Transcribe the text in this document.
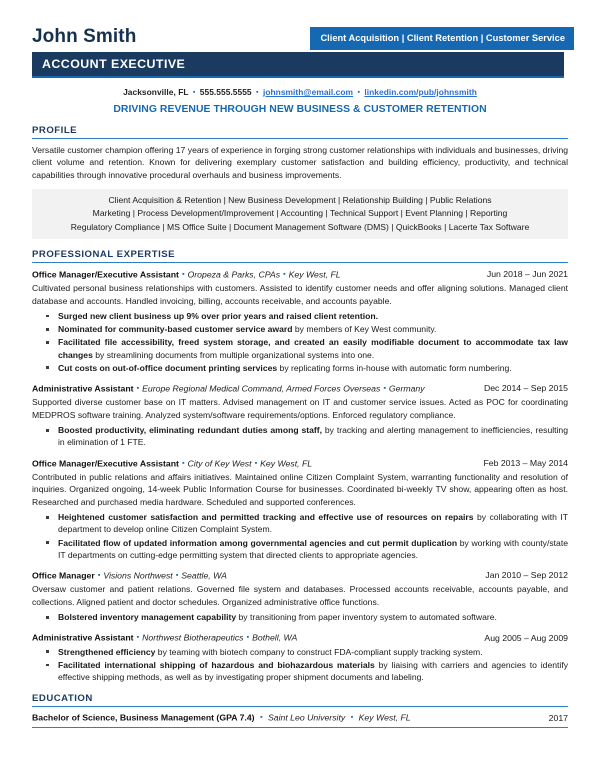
John Smith	Client Acquisition | Client Retention | Customer Service
ACCOUNT EXECUTIVE
Jacksonville, FL ▪ 555.555.5555 ▪ johnsmith@email.com ▪ linkedin.com/pub/johnsmith
DRIVING REVENUE THROUGH NEW BUSINESS & CUSTOMER RETENTION
PROFILE
Versatile customer champion offering 17 years of experience in forging strong customer relationships with individuals and businesses, driving client volume and retention. Known for delivering exemplary customer satisfaction and building efficiency, productivity, and technical capabilities through innovative procedural overhauls and business improvements.
Client Acquisition & Retention | New Business Development | Relationship Building | Public Relations
Marketing | Process Development/Improvement | Accounting | Technical Support | Event Planning | Reporting
Regulatory Compliance | MS Office Suite | Document Management Software (DMS) | QuickBooks | Lacerte Tax Software
PROFESSIONAL EXPERTISE
Office Manager/Executive Assistant ▪ Oropeza & Parks, CPAs ▪ Key West, FL	Jun 2018 – Jun 2021
Cultivated personal business relationships with customers. Assisted to identify customer needs and offer aligning solutions. Managed client database and accounts. Handled invoicing, billing, accounts receivable, and accounts payable.
Surged new client business up 9% over prior years and raised client retention.
Nominated for community-based customer service award by members of Key West community.
Facilitated file accessibility, freed system storage, and created an easily modifiable document to accommodate tax law changes by streamlining documents from multiple organizational systems into one.
Cut costs on out-of-office document printing services by replicating forms in-house with automatic form numbering.
Administrative Assistant ▪ Europe Regional Medical Command, Armed Forces Overseas ▪ Germany	Dec 2014 – Sep 2015
Supported diverse customer base on IT matters. Advised management on IT and customer service issues. Acted as POC for coordinating MEDPROS software training. Analyzed system/software requirements/options. Enforced regulatory compliance.
Boosted productivity, eliminating redundant duties among staff, by tracking and alerting management to inefficiencies, resulting in elimination of 1 FTE.
Office Manager/Executive Assistant ▪ City of Key West ▪ Key West, FL	Feb 2013 – May 2014
Contributed in public relations and affairs initiatives. Maintained online Citizen Complaint System, warranting functionality and resolution of inquiries. Organized ongoing, 14-week Public Information Course for businesses. Coordinated bi-weekly TV show, appearing often as host. Researched and purchased media hardware. Scheduled and supported conferences.
Heightened customer satisfaction and permitted tracking and effective use of resources on repairs by collaborating with IT department to develop online Citizen Complaint System.
Facilitated flow of updated information among governmental agencies and cut permit duplication by working with county/state IT departments on cutting-edge permitting system that directed clients to appropriate agencies.
Office Manager ▪ Visions Northwest ▪ Seattle, WA	Jan 2010 – Sep 2012
Oversaw customer and patient relations. Governed file system and databases. Processed accounts receivable, accounts payable, and collections. Aligned patient and doctor schedules. Organized administrative office functions.
Bolstered inventory management capability by transitioning from paper inventory system to automated software.
Administrative Assistant ▪ Northwest Biotherapeutics ▪ Bothell, WA	Aug 2005 – Aug 2009
Strengthened efficiency by teaming with biotech company to construct FDA-compliant supply tracking system.
Facilitated international shipping of hazardous and biohazardous materials by liaising with carriers and agencies to identify effective shipping methods, as well as by investigating proper shipment documents and labeling.
EDUCATION
Bachelor of Science, Business Management (GPA 7.4) ▪ Saint Leo University ▪ Key West, FL	2017
